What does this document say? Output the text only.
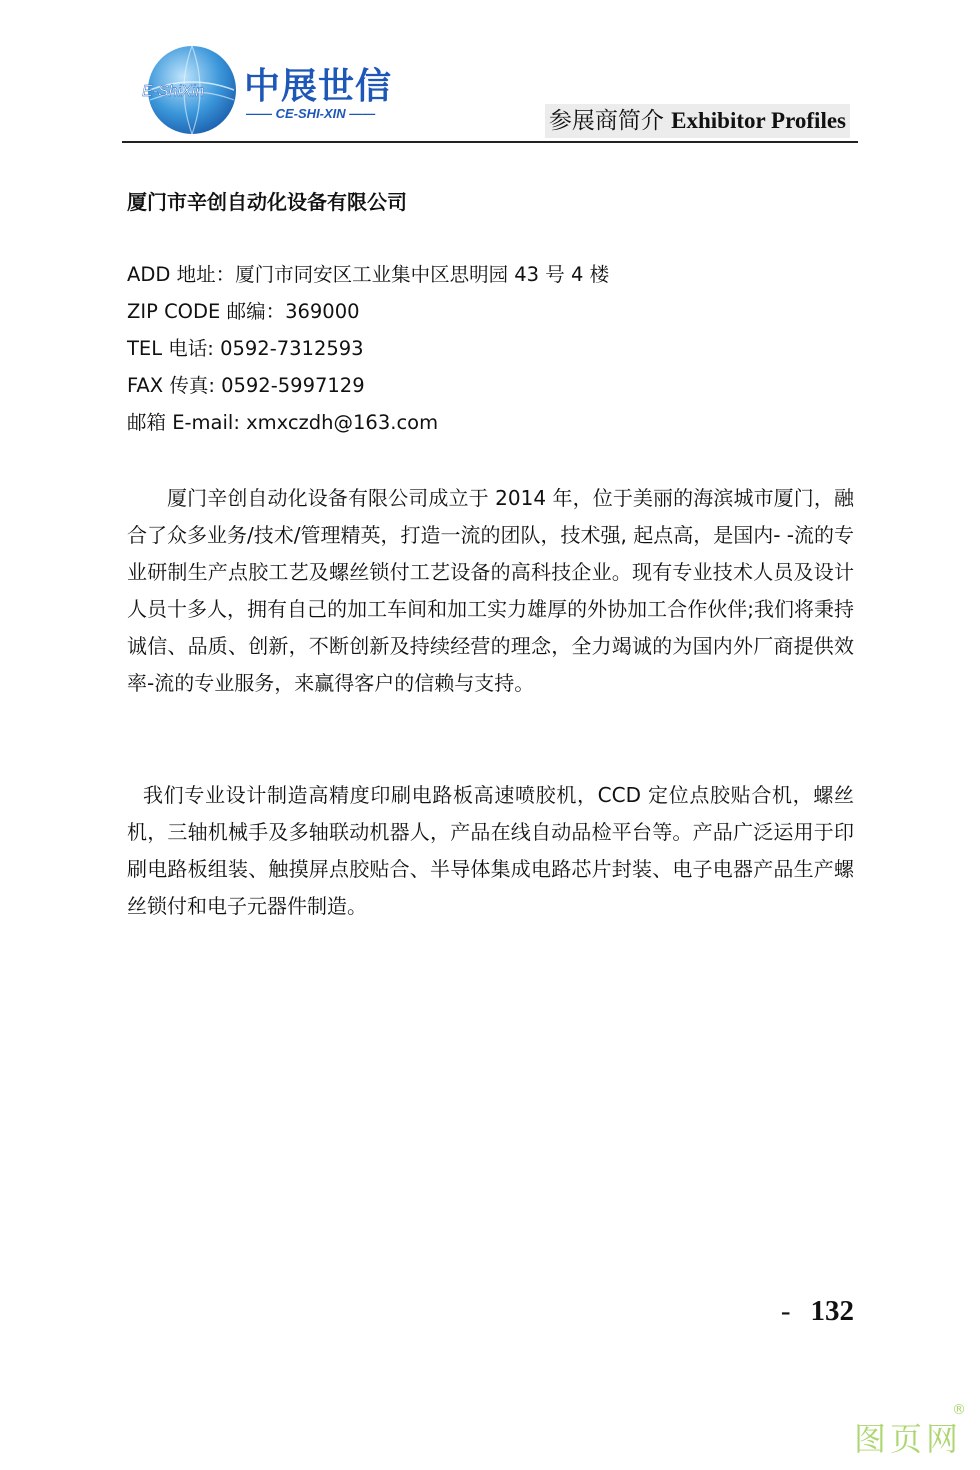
E-ShiXin 中展世信
—— CE-SHI-XIN ——	参展商简介 Exhibitor Profiles
厦门市辛创自动化设备有限公司
ADD 地址：厦门市同安区工业集中区思明园 43 号 4 楼
ZIP CODE 邮编：369000
TEL 电话: 0592-7312593
FAX 传真: 0592-5997129
邮箱 E-mail: xmxczdh@163.com

厦门辛创自动化设备有限公司成立于 2014 年，位于美丽的海滨城市厦门，融合了众多业务/技术/管理精英，打造一流的团队，技术强, 起点高，是国内- -流的专业研制生产点胶工艺及螺丝锁付工艺设备的高科技企业。现有专业技术人员及设计人员十多人，拥有自己的加工车间和加工实力雄厚的外协加工合作伙伴;我们将秉持诚信、品质、创新，不断创新及持续经营的理念，全力竭诚的为国内外厂商提供效率-流的专业服务，来赢得客户的信赖与支持。

我们专业设计制造高精度印刷电路板高速喷胶机，CCD 定位点胶贴合机，螺丝机，三轴机械手及多轴联动机器人，产品在线自动品检平台等。产品广泛运用于印刷电路板组装、触摸屏点胶贴合、半导体集成电路芯片封装、电子电器产品生产螺丝锁付和电子元器件制造。

- 132
图页网
®
